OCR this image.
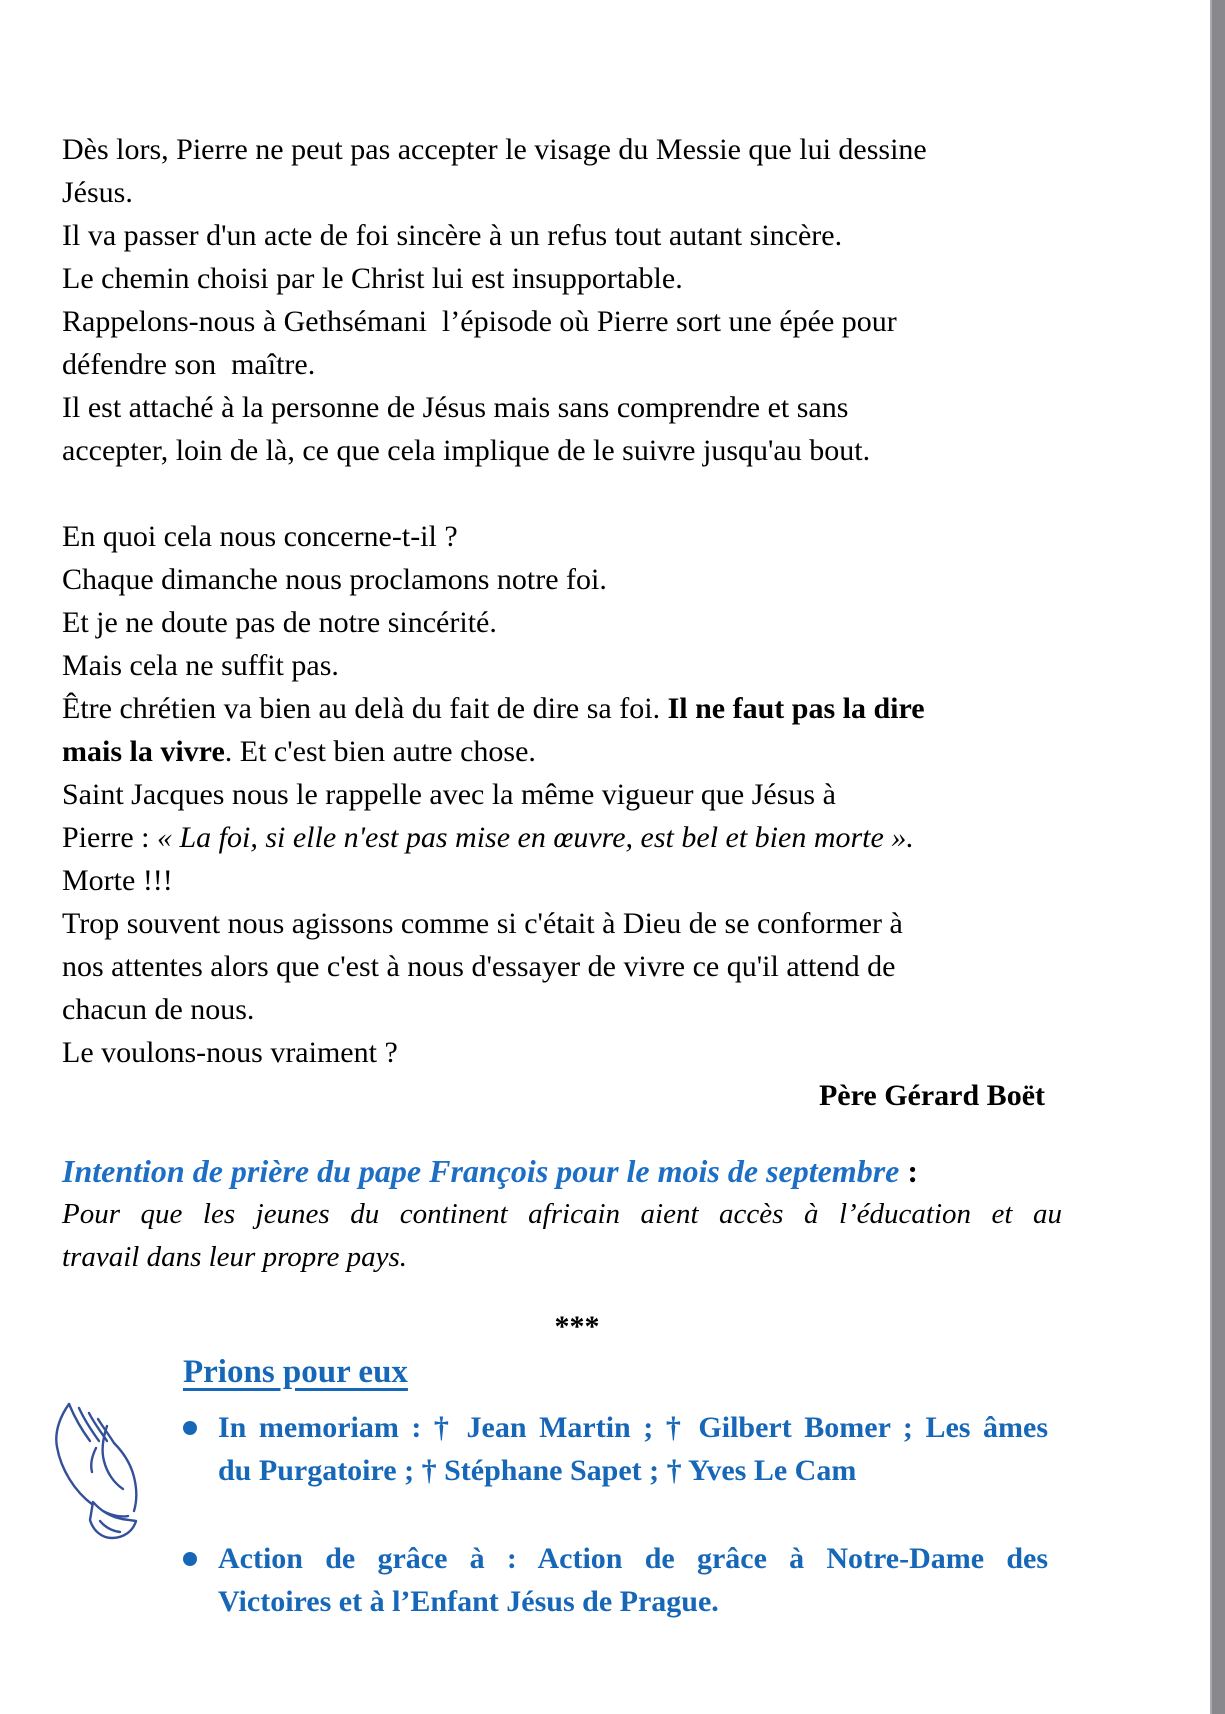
Dès lors, Pierre ne peut pas accepter le visage du Messie que lui dessine
Jésus.
Il va passer d'un acte de foi sincère à un refus tout autant sincère.
Le chemin choisi par le Christ lui est insupportable.
Rappelons-nous à Gethsémani  l’épisode où Pierre sort une épée pour
défendre son  maître.
Il est attaché à la personne de Jésus mais sans comprendre et sans
accepter, loin de là, ce que cela implique de le suivre jusqu'au bout.
En quoi cela nous concerne-t-il ?
Chaque dimanche nous proclamons notre foi.
Et je ne doute pas de notre sincérité.
Mais cela ne suffit pas.
Être chrétien va bien au delà du fait de dire sa foi. Il ne faut pas la dire
mais la vivre. Et c'est bien autre chose.
Saint Jacques nous le rappelle avec la même vigueur que Jésus à
Pierre : « La foi, si elle n'est pas mise en œuvre, est bel et bien morte ».
Morte !!!
Trop souvent nous agissons comme si c'était à Dieu de se conformer à
nos attentes alors que c'est à nous d'essayer de vivre ce qu'il attend de
chacun de nous.
Le voulons-nous vraiment ?
Père Gérard Boët
Intention de prière du pape François pour le mois de septembre :
Pour que les jeunes du continent africain aient accès à l’éducation et au
travail dans leur propre pays.
***
Prions pour eux
In memoriam : † Jean Martin ; † Gilbert Bomer ; Les âmes
du Purgatoire ; † Stéphane Sapet ; † Yves Le Cam
Action de grâce à : Action de grâce à Notre-Dame des
Victoires et à l’Enfant Jésus de Prague.
